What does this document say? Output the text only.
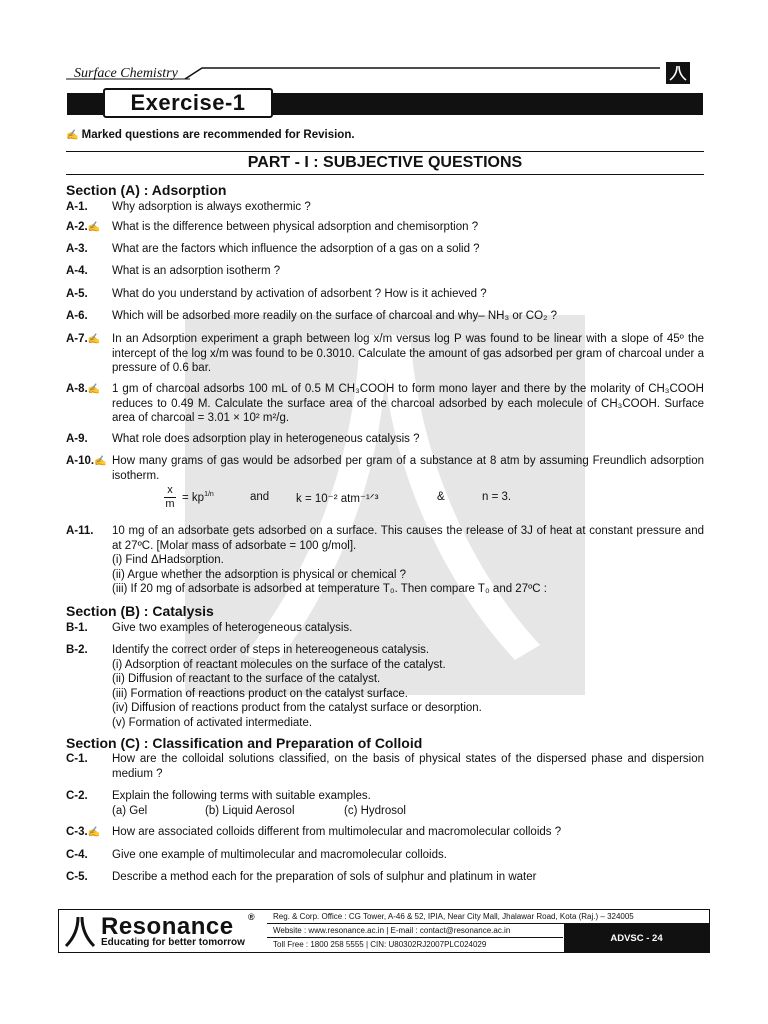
Surface Chemistry
Exercise-1
✍ Marked questions are recommended for Revision.
PART - I : SUBJECTIVE QUESTIONS
Section (A) : Adsorption
A-1. Why adsorption is always exothermic ?
A-2.✍ What is the difference between physical adsorption and chemisorption ?
A-3. What are the factors which influence the adsorption of a gas on a solid ?
A-4. What is an adsorption isotherm ?
A-5. What do you understand by activation of adsorbent ? How is it achieved ?
A-6. Which will be adsorbed more readily on the surface of charcoal and why– NH₃ or CO₂ ?
A-7.✍ In an Adsorption experiment a graph between log x/m versus log P was found to be linear with a slope of 45º the intercept of the log x/m was found to be 0.3010. Calculate the amount of gas adsorbed per gram of charcoal under a pressure of 0.6 bar.
A-8.✍ 1 gm of charcoal adsorbs 100 mL of 0.5 M CH₃COOH to form mono layer and there by the molarity of CH₃COOH reduces to 0.49 M. Calculate the surface area of the charcoal adsorbed by each molecule of CH₃COOH. Surface area of charcoal = 3.01 × 10² m²/g.
A-9. What role does adsorption play in heterogeneous catalysis ?
A-10.✍ How many grams of gas would be adsorbed per gram of a substance at 8 atm by assuming Freundlich adsorption isotherm.
$\frac{x}{m} = kp^{1/n}$	and k = 10⁻² atm⁻¹ᐟ³	&	n = 3.
A-11. 10 mg of an adsorbate gets adsorbed on a surface. This causes the release of 3J of heat at constant pressure and at 27ºC. [Molar mass of adsorbate = 100 g/mol].
(i) Find ΔHadsorption.
(ii) Argue whether the adsorption is physical or chemical ?
(iii) If 20 mg of adsorbate is adsorbed at temperature T₀. Then compare T₀ and 27ºC :
Section (B) : Catalysis
B-1. Give two examples of heterogeneous catalysis.
B-2. Identify the correct order of steps in hetereogeneous catalysis.
(i) Adsorption of reactant molecules on the surface of the catalyst.
(ii) Diffusion of reactant to the surface of the catalyst.
(iii) Formation of reactions product on the catalyst surface.
(iv) Diffusion of reactions product from the catalyst surface or desorption.
(v) Formation of activated intermediate.
Section (C) : Classification and Preparation of Colloid
C-1. How are the colloidal solutions classified, on the basis of physical states of the dispersed phase and dispersion medium ?
C-2. Explain the following terms with suitable examples.
(a) Gel	(b) Liquid Aerosol	(c) Hydrosol
C-3.✍ How are associated colloids different from multimolecular and macromolecular colloids ?
C-4. Give one example of multimolecular and macromolecular colloids.
C-5. Describe a method each for the preparation of sols of sulphur and platinum in water
Resonance ®
Educating for better tomorrow
Reg. & Corp. Office : CG Tower, A-46 & 52, IPIA, Near City Mall, Jhalawar Road, Kota (Raj.) – 324005
Website : www.resonance.ac.in | E-mail : contact@resonance.ac.in
Toll Free : 1800 258 5555 | CIN: U80302RJ2007PLC024029
ADVSC - 24
